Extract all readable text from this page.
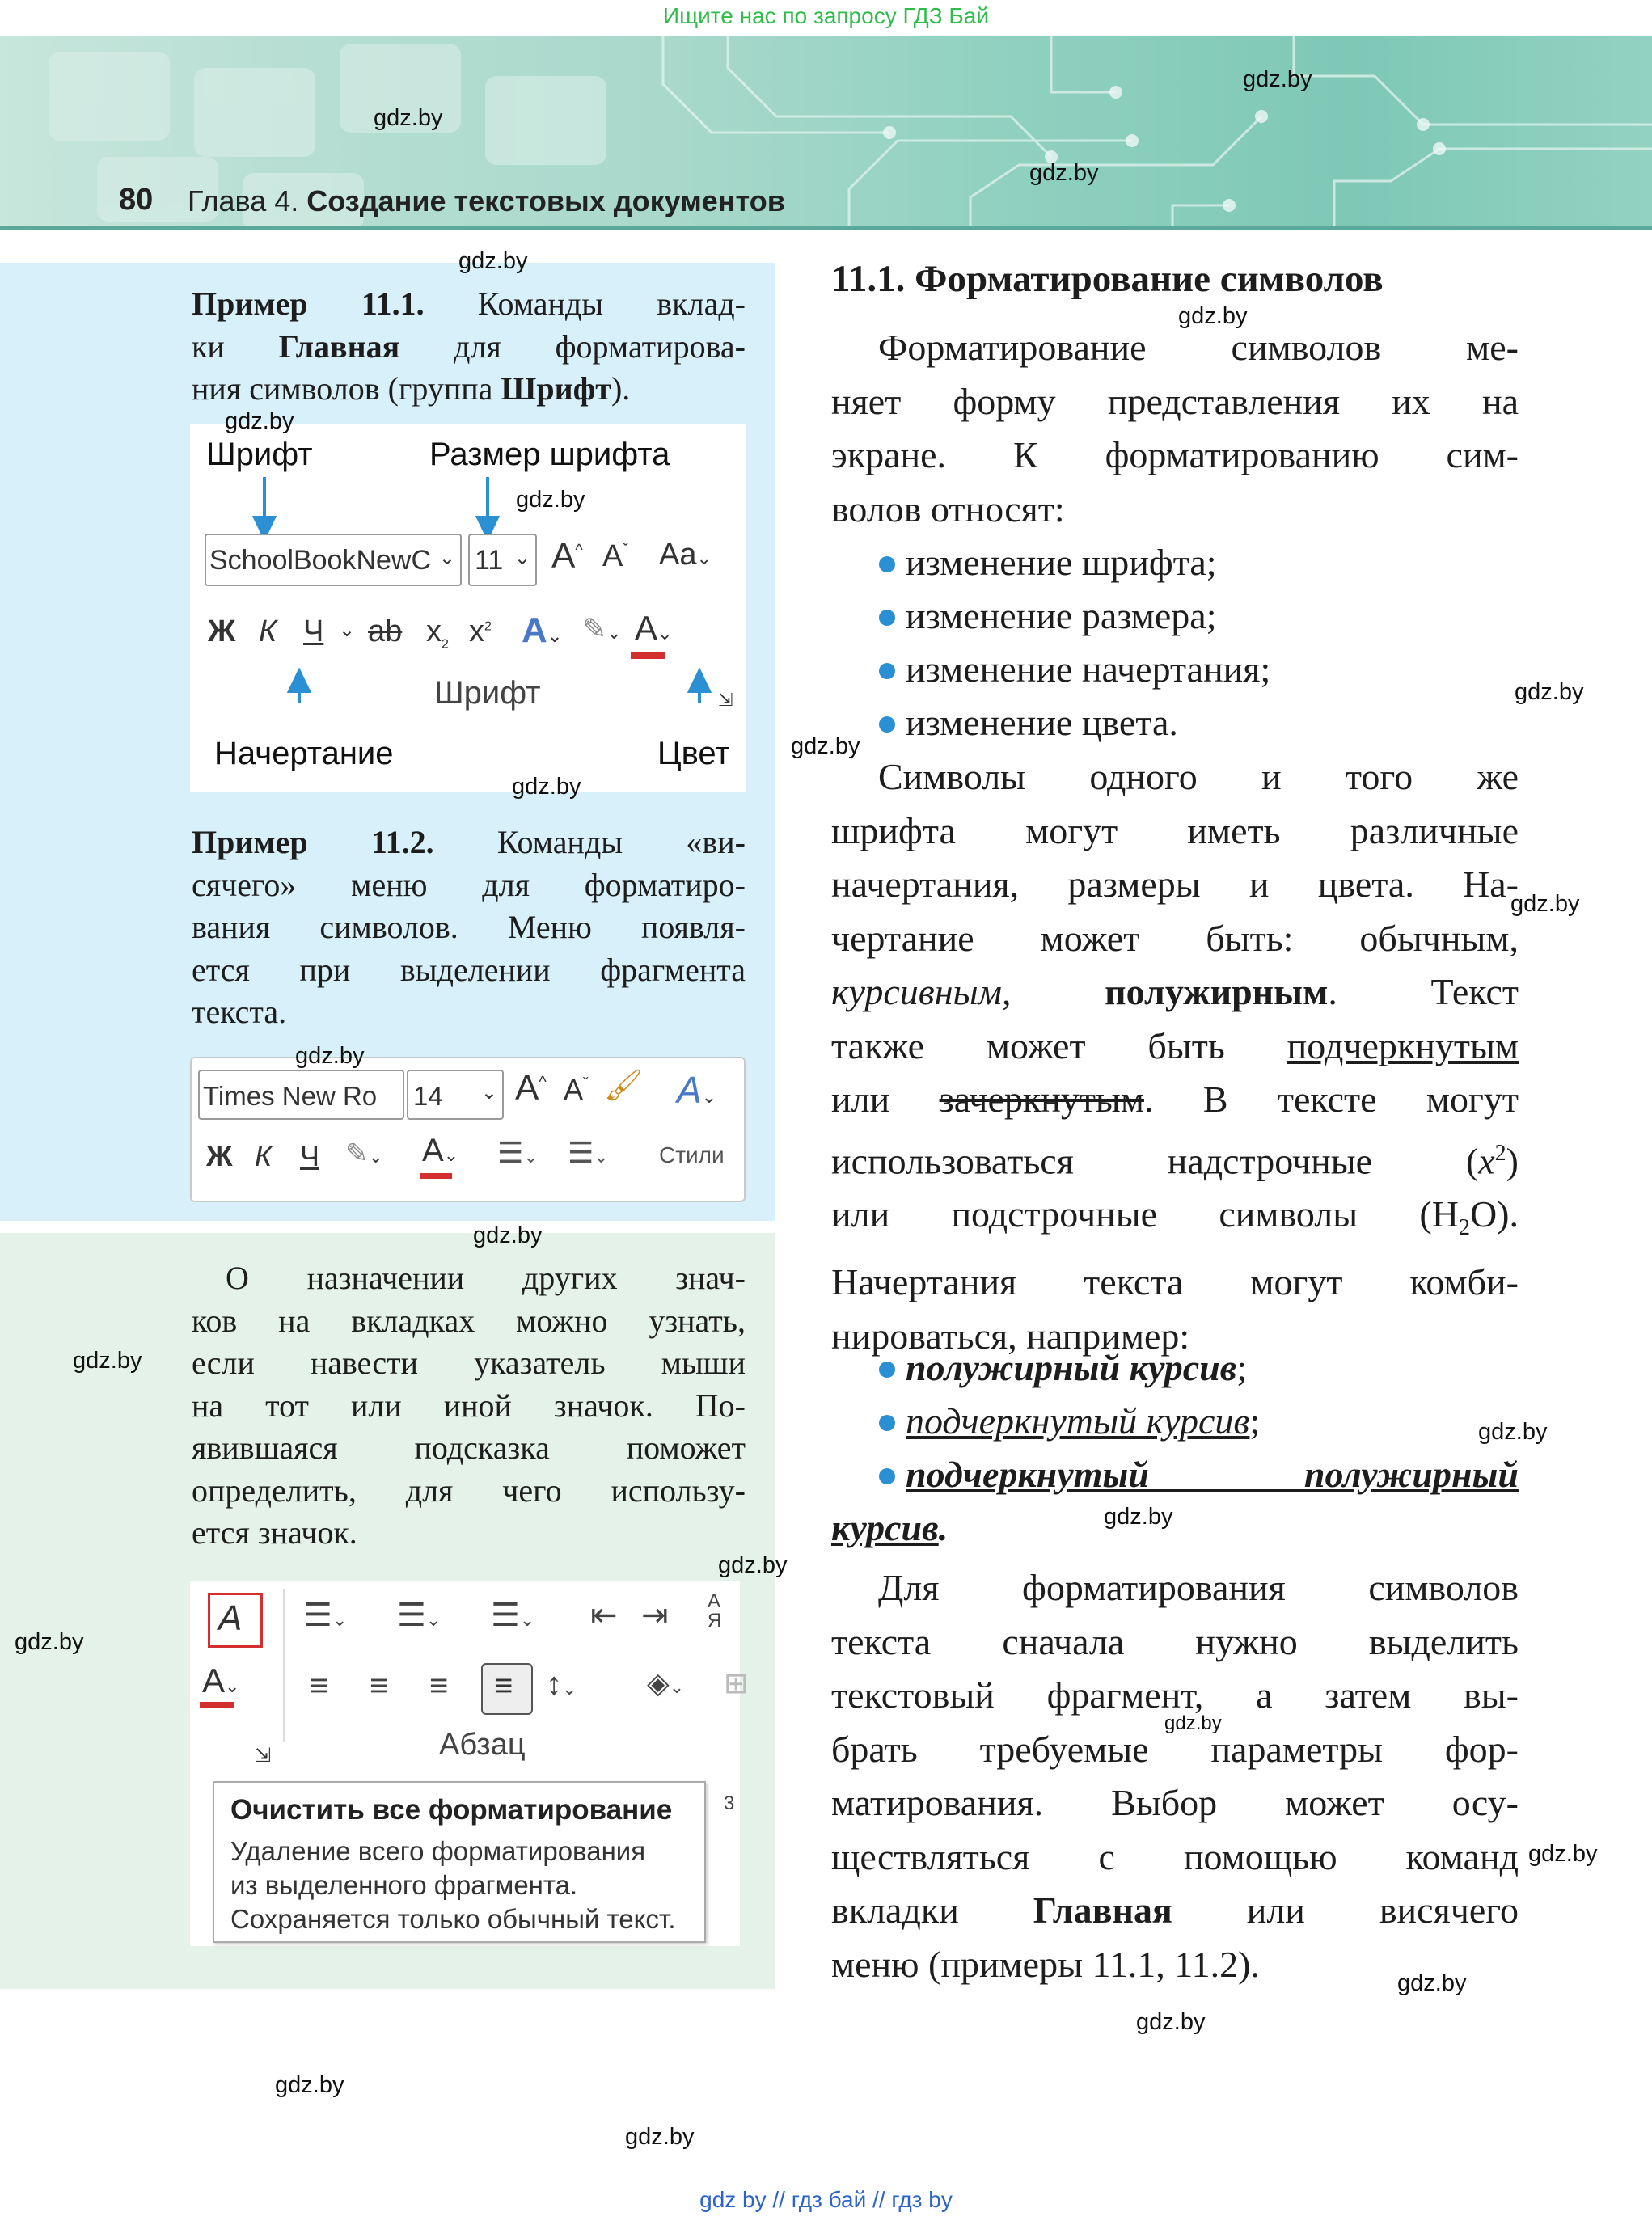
Ищите нас по запросу ГДЗ Бай
80 Глава 4. Создание текстовых документов
Пример 11.1. Команды вклад-
ки Главная для форматирова-
ния символов (группа Шрифт).
Шрифт	Размер шрифта
SchoolBookNewC ⌄ 11 ⌄ A^ $A^ˇ$ Aa⌄
Ж К Ч ⌄ ab $x_2$ $x^2$ A⌄ ✎⌄ A⌄
Шрифт	⇲
Начертание	Цвет
Пример 11.2. Команды «ви-
сячего» меню для форматиро-
вания символов. Меню появля-
ется при выделении фрагмента
текста.
Times New Ro 14 ⌄ A^ $A^ˇ$ 🖌 A⌄
Ж К Ч ✎⌄ A⌄ ☰⌄ ☰⌄ Стили
О назначении других знач-
ков на вкладках можно узнать,
если навести указатель мыши
на тот или иной значок. По-
явившаяся подсказка поможет
определить, для чего использу-
ется значок.
A ☰⌄ ☰⌄ ☰⌄ ⇤ ⇥ А
Я
A⌄ ≡ ≡ ≡ ≡ ↕⌄ ◈⌄ ⊞
Абзац
⇲
Очистить все форматирование
Удаление всего форматирования
из выделенного фрагмента.
Сохраняется только обычный текст.
3
11.1. Форматирование символов
Форматирование символов ме-
няет форму представления их на
экране. К форматированию сим-
волов относят:
изменение шрифта;
изменение размера;
изменение начертания;
изменение цвета.
Символы одного и того же
шрифта могут иметь различные
начертания, размеры и цвета. На-
чертание может быть: обычным,
курсивным,	полужирным. Текст
также может быть подчеркнутым
или зачеркнутым. В тексте могут
использоваться надстрочные $(x^2)$
или подстрочные символы $(H_2O)$.
Начертания текста могут комби-
нироваться, например:
полужирный курсив;
подчеркнутый курсив;
подчеркнутый полужирный
курсив.
Для форматирования символов
текста сначала нужно выделить
текстовый фрагмент, а затем вы-
брать требуемые параметры фор-
матирования. Выбор может осу-
ществляться с помощью команд
вкладки Главная или висячего
меню (примеры 11.1, 11.2).
gdz.by
gdz.by
gdz.by
gdz.by
gdz.by
gdz.by
gdz.by
gdz.by
gdz.by
gdz.by
gdz.by
gdz.by
gdz.by
gdz.by
gdz.by
gdz.by
gdz.by
gdz.by
gdz.by
gdz.by
gdz.by
gdz.by
gdz.by
gdz.by
gdz by // гдз бай // гдз by
